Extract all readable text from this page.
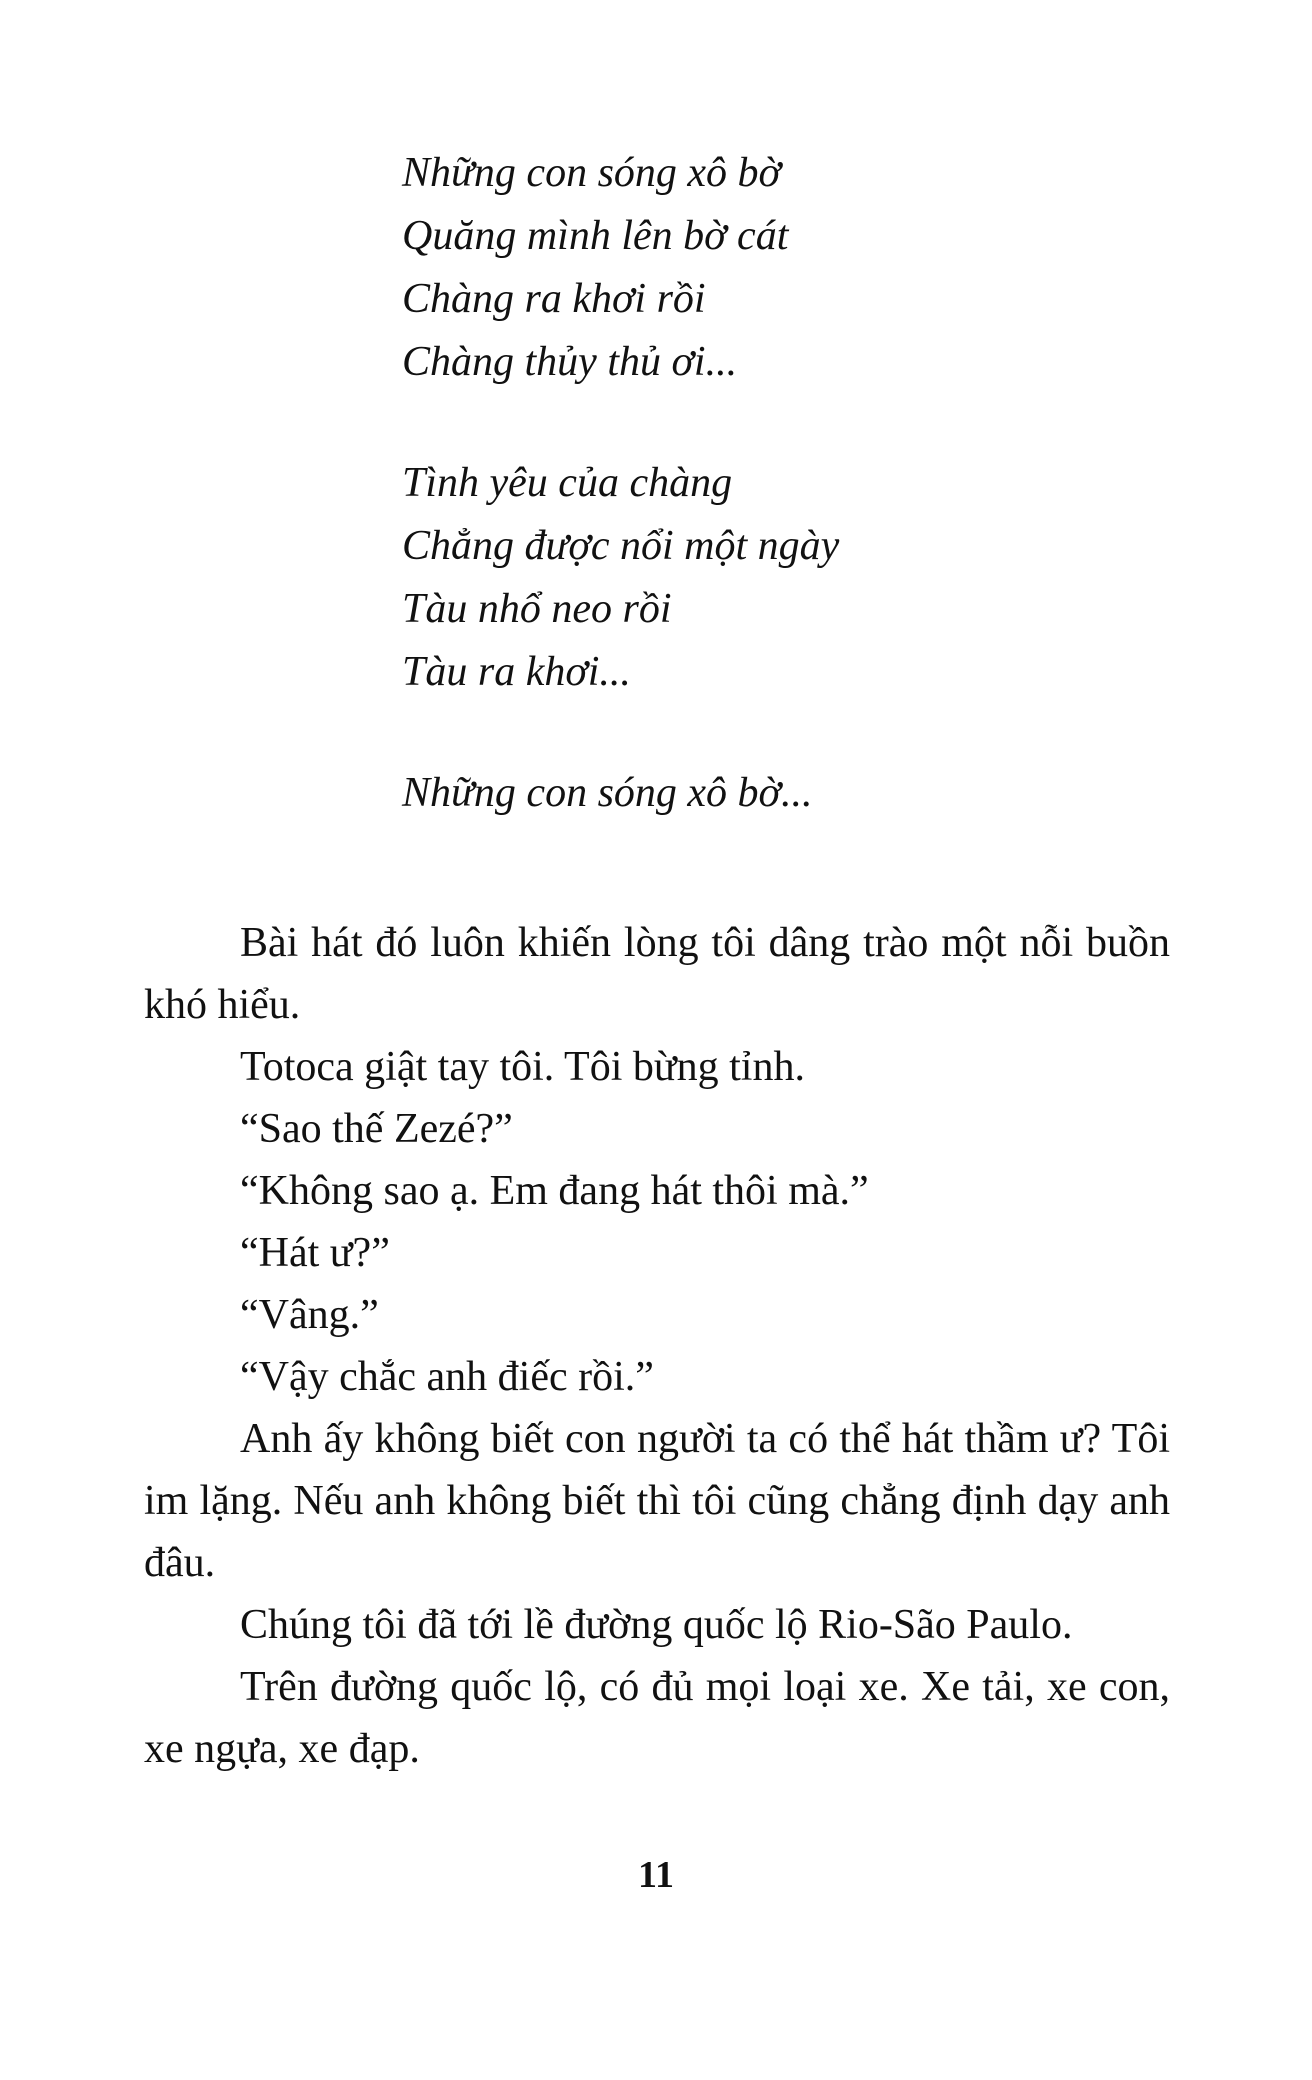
Những con sóng xô bờ
Quăng mình lên bờ cát
Chàng ra khơi rồi
Chàng thủy thủ ơi...
Tình yêu của chàng
Chẳng được nổi một ngày
Tàu nhổ neo rồi
Tàu ra khơi...
Những con sóng xô bờ...

Bài hát đó luôn khiến lòng tôi dâng trào một nỗi buồn khó hiểu.

Totoca giật tay tôi. Tôi bừng tỉnh.

“Sao thế Zezé?”

“Không sao ạ. Em đang hát thôi mà.”

“Hát ư?”

“Vâng.”

“Vậy chắc anh điếc rồi.”

Anh ấy không biết con người ta có thể hát thầm ư? Tôi im lặng. Nếu anh không biết thì tôi cũng chẳng định dạy anh đâu.

Chúng tôi đã tới lề đường quốc lộ Rio-São Paulo.

Trên đường quốc lộ, có đủ mọi loại xe. Xe tải, xe con, xe ngựa, xe đạp.

11
